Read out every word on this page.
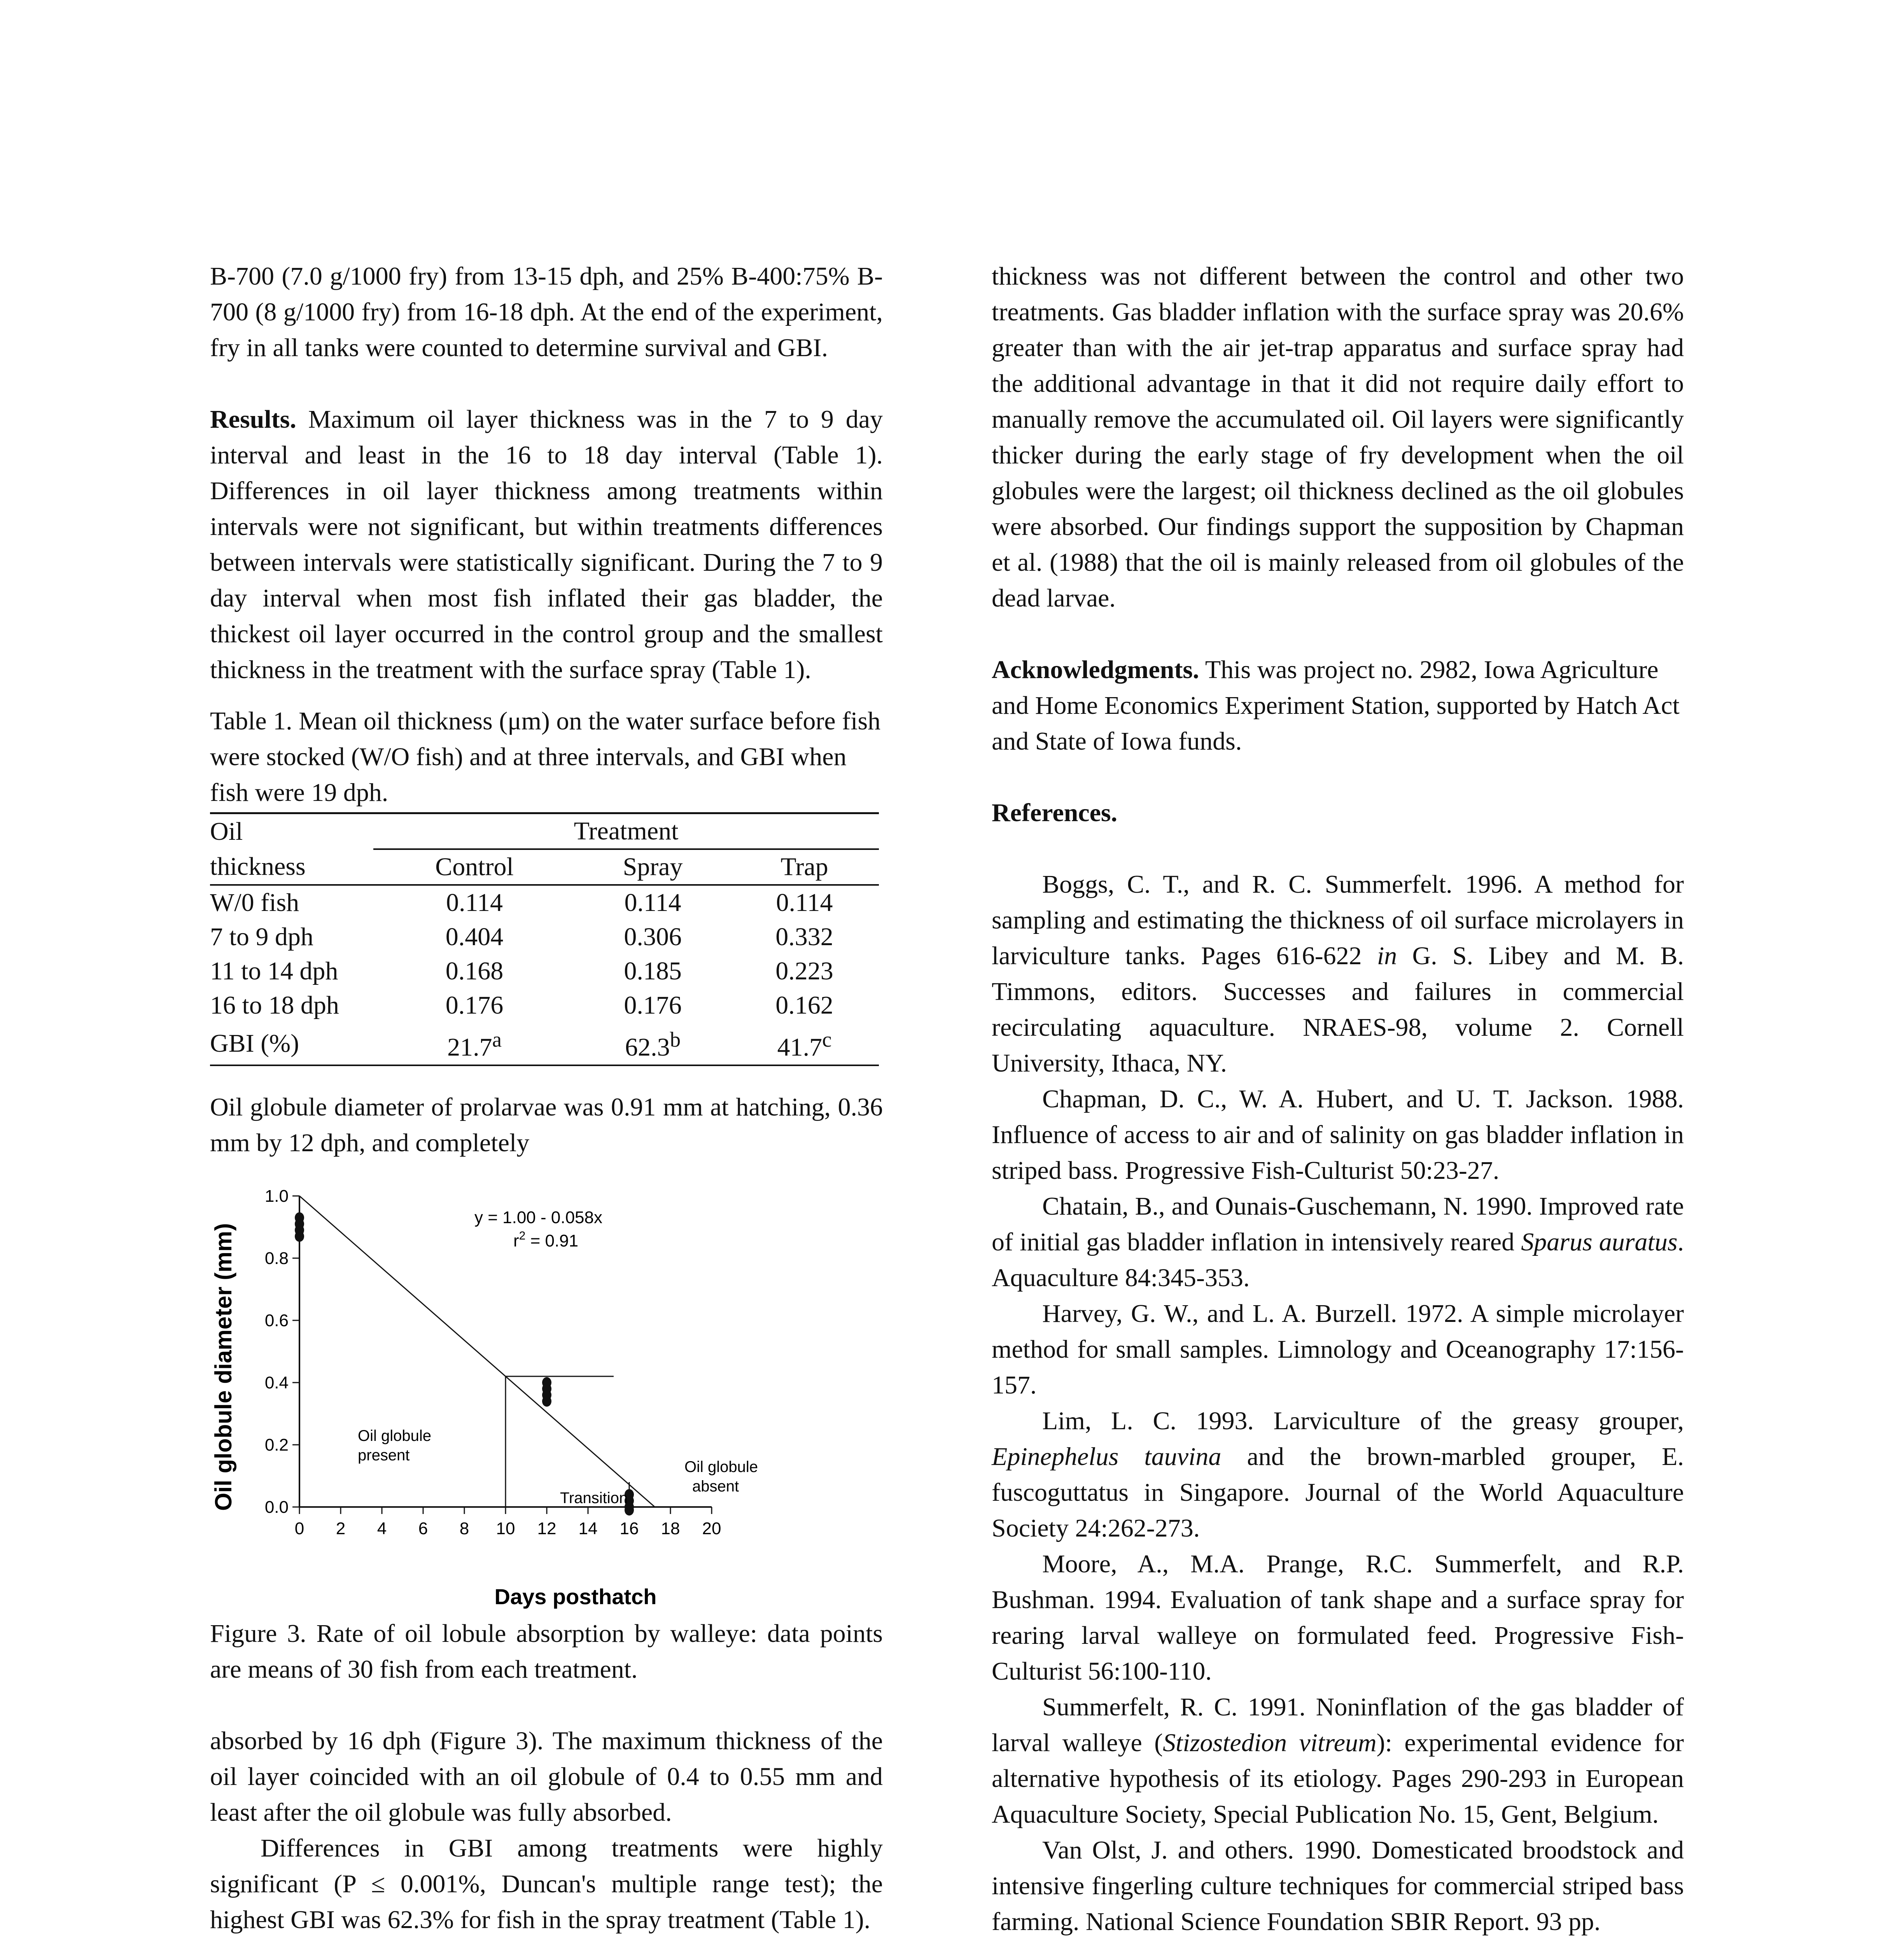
B-700 (7.0 g/1000 fry) from 13-15 dph, and 25% B-400:75% B-700 (8 g/1000 fry) from 16-18 dph. At the end of the experiment, fry in all tanks were counted to determine survival and GBI.

Results. Maximum oil layer thickness was in the 7 to 9 day interval and least in the 16 to 18 day interval (Table 1). Differences in oil layer thickness among treatments within intervals were not significant, but within treatments differences between intervals were statistically significant. During the 7 to 9 day interval when most fish inflated their gas bladder, the thickest oil layer occurred in the control group and the smallest thickness in the treatment with the surface spray (Table 1).

Table 1. Mean oil thickness (μm) on the water surface before fish were stocked (W/O fish) and at three intervals, and GBI when fish were 19 dph.

Oil	Treatment		
thickness	Control	Spray	Trap
W/0 fish	0.114	0.114	0.114
7 to 9 dph	0.404	0.306	0.332
11 to 14 dph	0.168	0.185	0.223
16 to 18 dph	0.176	0.176	0.162
GBI (%)	21.7$^a$	62.3$^b$	41.7$^c$

Oil globule diameter of prolarvae was 0.91 mm at hatching, 0.36 mm by 12 dph, and completely

0 2 4 6 8 10 12 14 16 18 20
0.0
0.2
0.4
0.6
0.8
1.0
Oil globule diameter (mm)
Days posthatch
y = 1.00 - 0.058x
$r^2 = 0.91$
Oil globule
present
Transition
Oil globule
absent

Figure 3. Rate of oil lobule absorption by walleye: data points are means of 30 fish from each treatment.

absorbed by 16 dph (Figure 3). The maximum thickness of the oil layer coincided with an oil globule of 0.4 to 0.55 mm and least after the oil globule was fully absorbed.

Differences in GBI among treatments were highly significant (P ≤ 0.001%, Duncan's multiple range test); the highest GBI was 62.3% for fish in the spray treatment (Table 1).

thickness was not different between the control and other two treatments. Gas bladder inflation with the surface spray was 20.6% greater than with the air jet-trap apparatus and surface spray had the additional advantage in that it did not require daily effort to manually remove the accumulated oil. Oil layers were significantly thicker during the early stage of fry development when the oil globules were the largest; oil thickness declined as the oil globules were absorbed. Our findings support the supposition by Chapman et al. (1988) that the oil is mainly released from oil globules of the dead larvae.

Acknowledgments. This was project no. 2982, Iowa Agriculture and Home Economics Experiment Station, supported by Hatch Act and State of Iowa funds.

References.

Boggs, C. T., and R. C. Summerfelt. 1996. A method for sampling and estimating the thickness of oil surface microlayers in larviculture tanks. Pages 616-622 in G. S. Libey and M. B. Timmons, editors. Successes and failures in commercial recirculating aquaculture. NRAES-98, volume 2. Cornell University, Ithaca, NY.

Chapman, D. C., W. A. Hubert, and U. T. Jackson. 1988. Influence of access to air and of salinity on gas bladder inflation in striped bass. Progressive Fish-Culturist 50:23-27.

Chatain, B., and Ounais-Guschemann, N. 1990. Improved rate of initial gas bladder inflation in intensively reared Sparus auratus. Aquaculture 84:345-353.

Harvey, G. W., and L. A. Burzell. 1972. A simple microlayer method for small samples. Limnology and Oceanography 17:156-157.

Lim, L. C. 1993. Larviculture of the greasy grouper, Epinephelus tauvina and the brown-marbled grouper, E. fuscoguttatus in Singapore. Journal of the World Aquaculture Society 24:262-273.

Moore, A., M.A. Prange, R.C. Summerfelt, and R.P. Bushman. 1994. Evaluation of tank shape and a surface spray for rearing larval walleye on formulated feed. Progressive Fish-Culturist 56:100-110.

Summerfelt, R. C. 1991. Noninflation of the gas bladder of larval walleye (Stizostedion vitreum): experimental evidence for alternative hypothesis of its etiology. Pages 290-293 in European Aquaculture Society, Special Publication No. 15, Gent, Belgium.

Van Olst, J. and others. 1990. Domesticated broodstock and intensive fingerling culture techniques for commercial striped bass farming. National Science Foundation SBIR Report. 93 pp.
